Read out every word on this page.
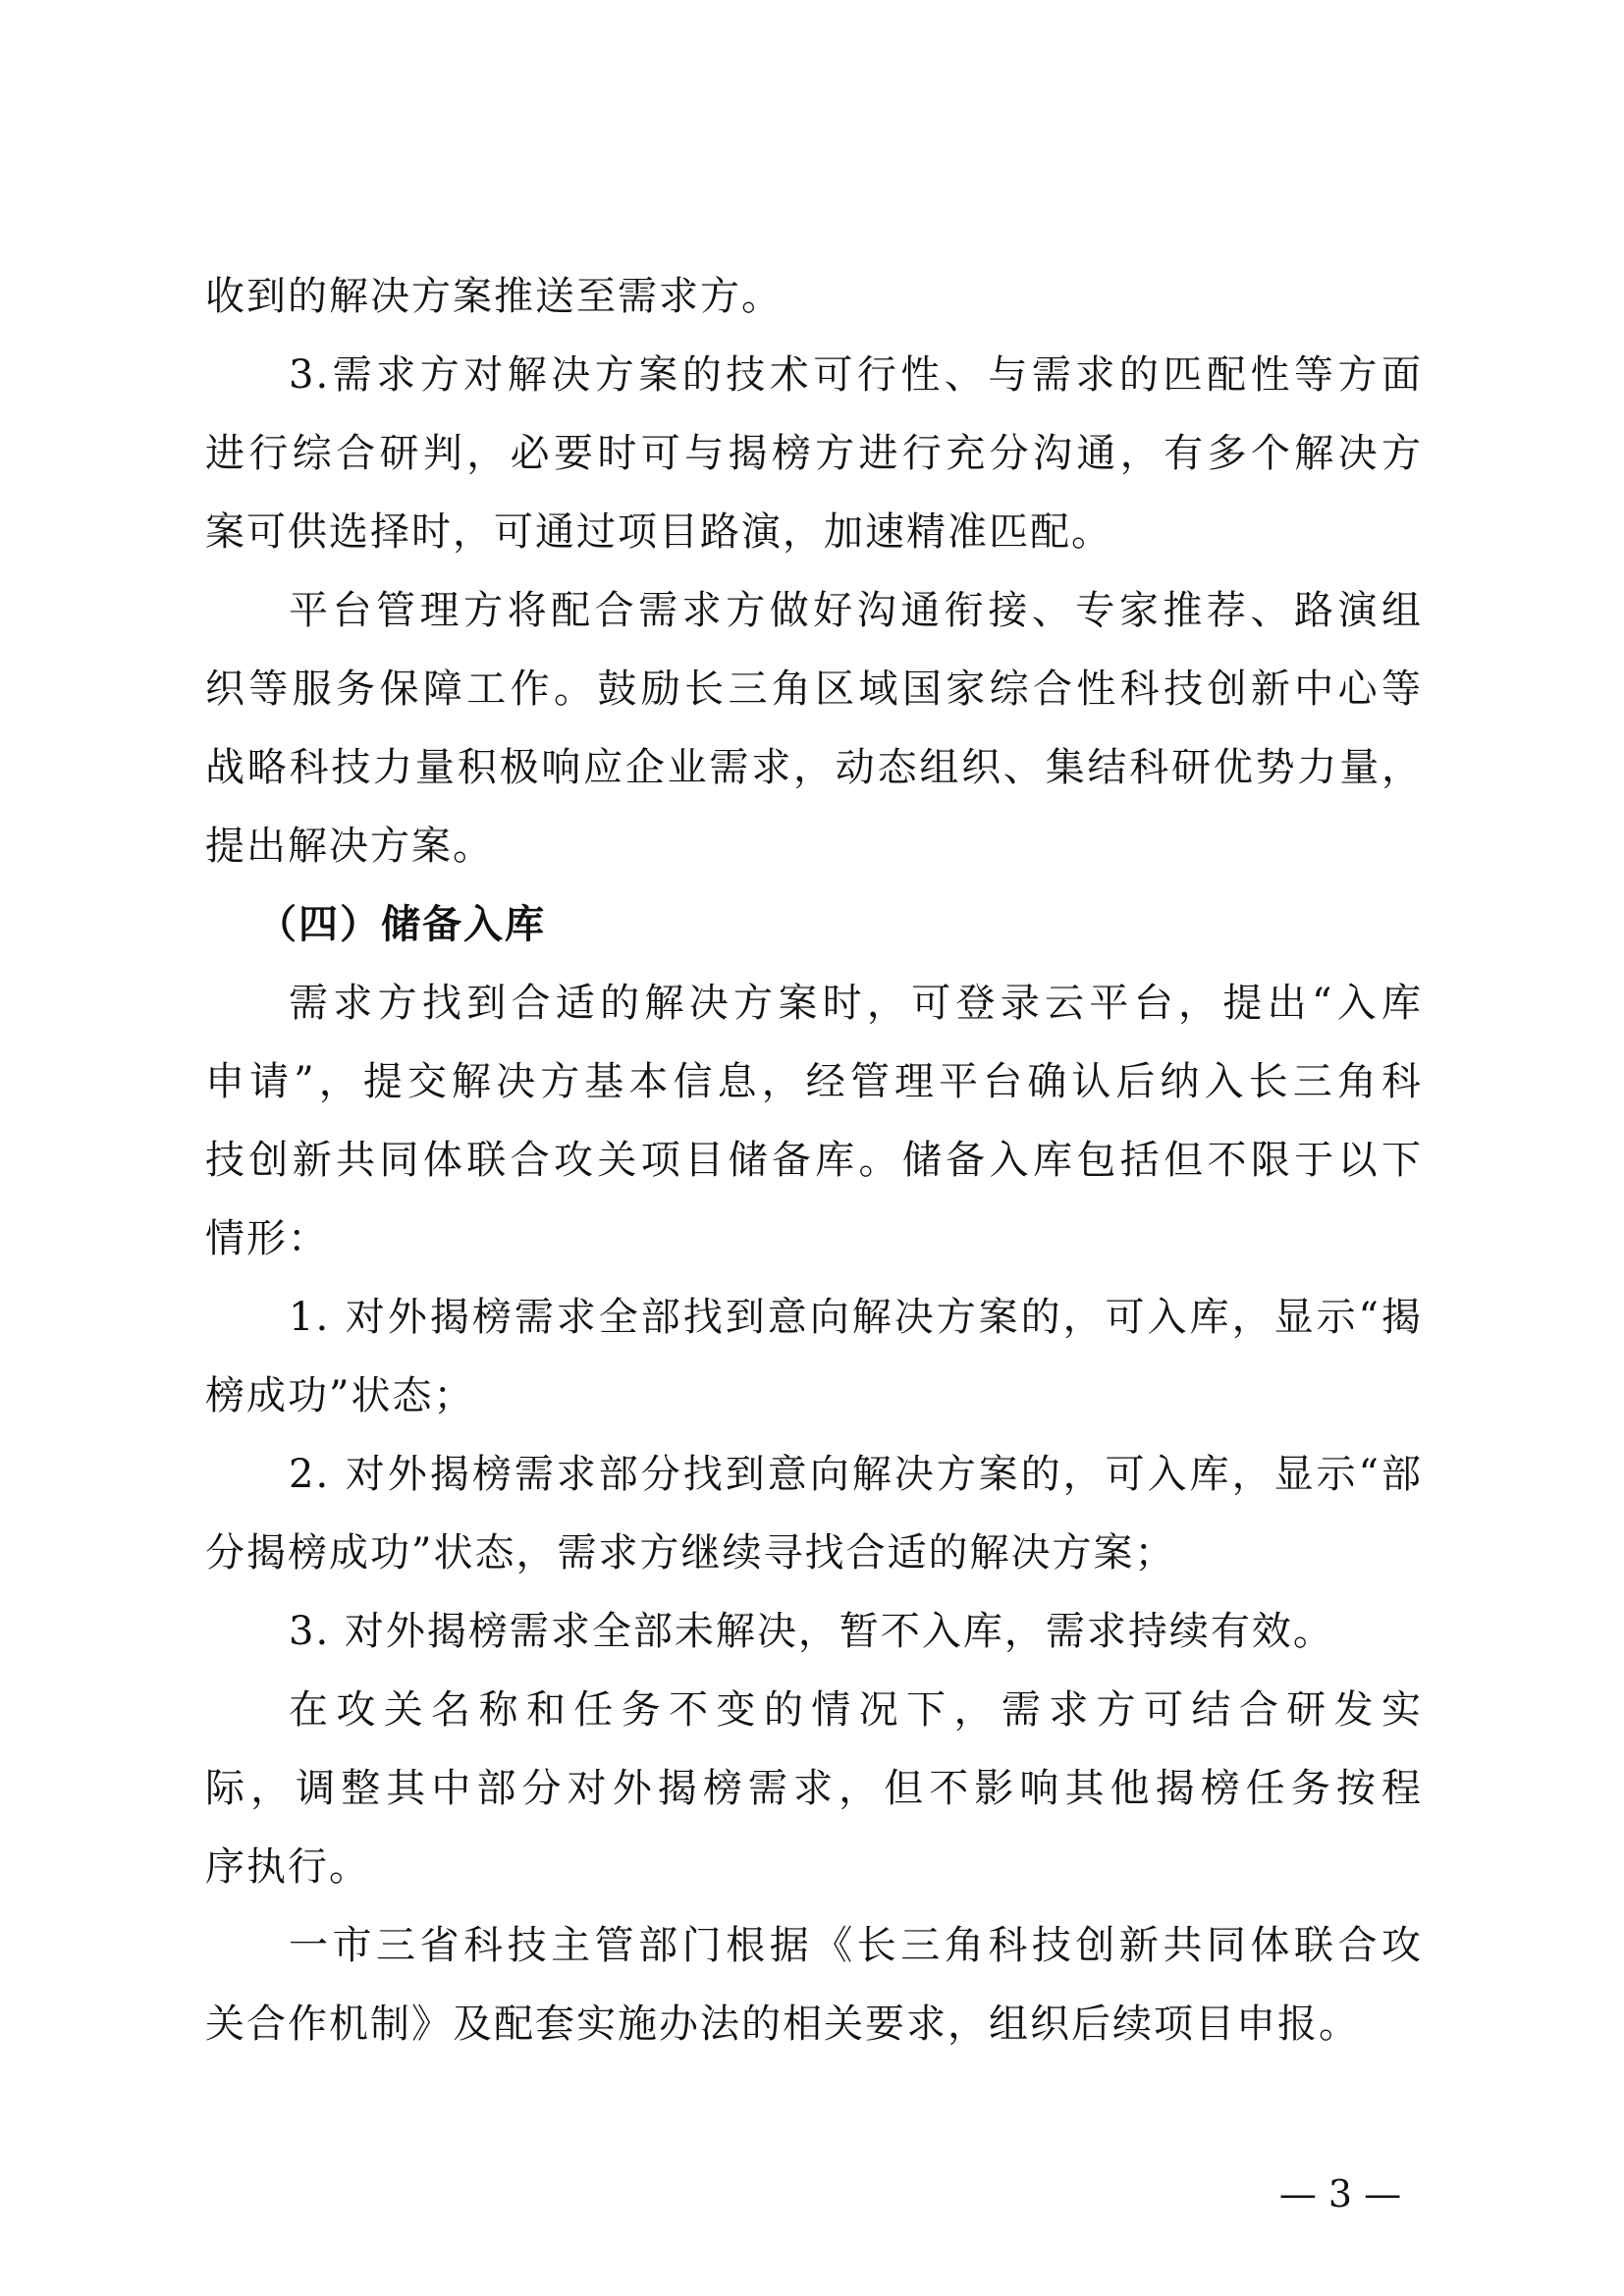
收到的解决方案推送至需求方。
3.需求方对解决方案的技术可行性、与需求的匹配性等方面
进行综合研判，必要时可与揭榜方进行充分沟通，有多个解决方
案可供选择时，可通过项目路演，加速精准匹配。
平台管理方将配合需求方做好沟通衔接、专家推荐、路演组
织等服务保障工作。鼓励长三角区域国家综合性科技创新中心等
战略科技力量积极响应企业需求，动态组织、集结科研优势力量，
提出解决方案。
（四）储备入库
需求方找到合适的解决方案时，可登录云平台，提出“入库
申请”，提交解决方基本信息，经管理平台确认后纳入长三角科
技创新共同体联合攻关项目储备库。储备入库包括但不限于以下
情形：
1. 对外揭榜需求全部找到意向解决方案的，可入库，显示“揭
榜成功”状态；
2. 对外揭榜需求部分找到意向解决方案的，可入库，显示“部
分揭榜成功”状态，需求方继续寻找合适的解决方案；
3. 对外揭榜需求全部未解决，暂不入库，需求持续有效。
在攻关名称和任务不变的情况下，需求方可结合研发实
际，调整其中部分对外揭榜需求，但不影响其他揭榜任务按程
序执行。
一市三省科技主管部门根据《长三角科技创新共同体联合攻
关合作机制》及配套实施办法的相关要求，组织后续项目申报。
— 3 —
